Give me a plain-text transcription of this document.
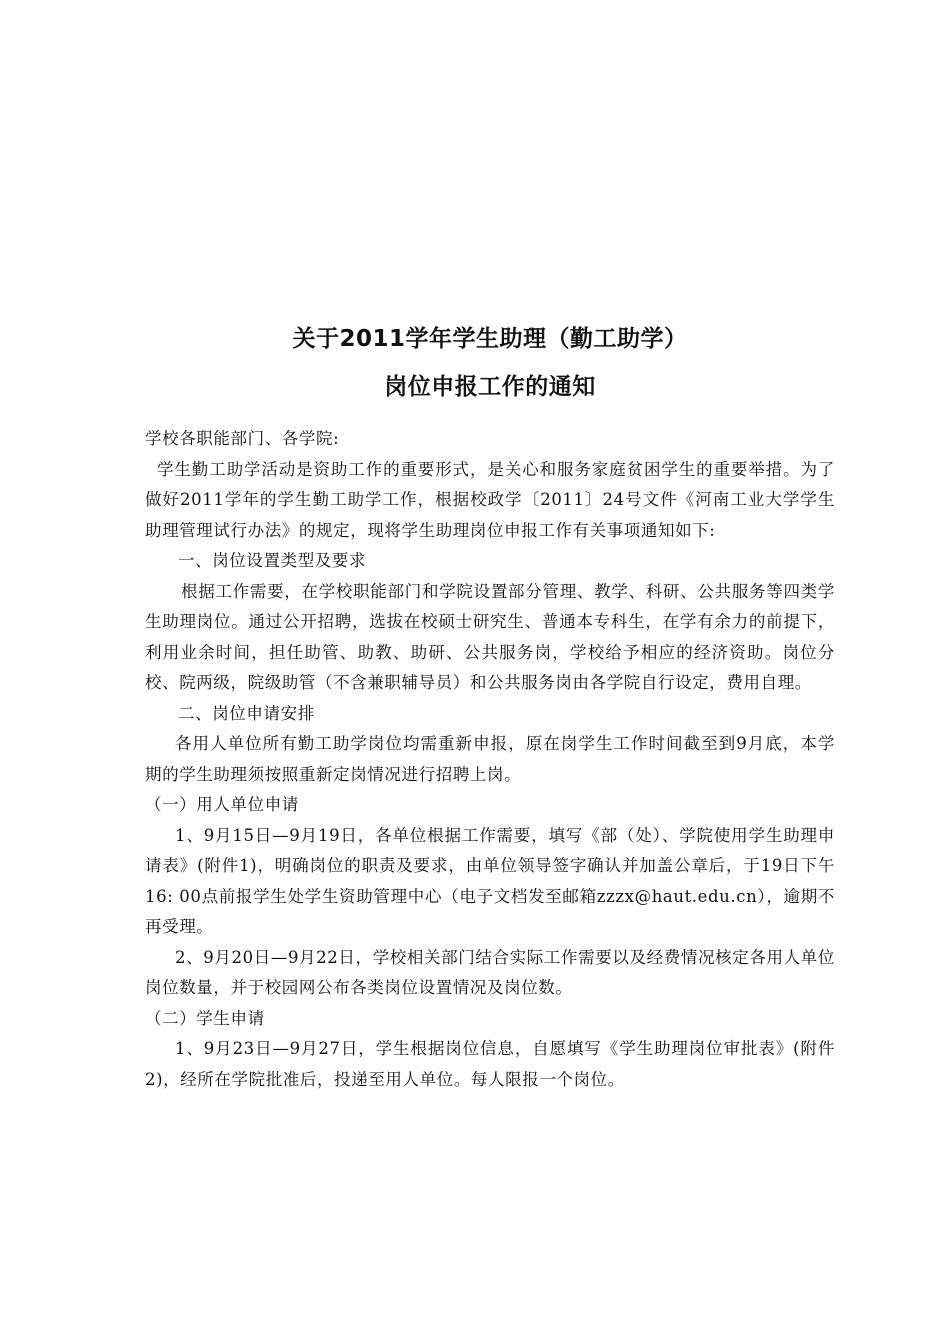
关于2011学年学生助理（勤工助学）
岗位申报工作的通知

学校各职能部门、各学院:

学生勤工助学活动是资助工作的重要形式，是关心和服务家庭贫困学生的重要举措。为了做好2011学年的学生勤工助学工作，根据校政学〔2011〕24号文件《河南工业大学学生助理管理试行办法》的规定，现将学生助理岗位申报工作有关事项通知如下:

一、岗位设置类型及要求

根据工作需要，在学校职能部门和学院设置部分管理、教学、科研、公共服务等四类学生助理岗位。通过公开招聘，选拔在校硕士研究生、普通本专科生，在学有余力的前提下，利用业余时间，担任助管、助教、助研、公共服务岗，学校给予相应的经济资助。岗位分校、院两级，院级助管（不含兼职辅导员）和公共服务岗由各学院自行设定，费用自理。

二、岗位申请安排

各用人单位所有勤工助学岗位均需重新申报，原在岗学生工作时间截至到9月底，本学期的学生助理须按照重新定岗情况进行招聘上岗。

（一）用人单位申请

1、9月15日—9月19日，各单位根据工作需要，填写《部（处）、学院使用学生助理申请表》(附件1)，明确岗位的职责及要求，由单位领导签字确认并加盖公章后，于19日下午16: 00点前报学生处学生资助管理中心（电子文档发至邮箱zzzx@haut.edu.cn），逾期不再受理。

2、9月20日—9月22日，学校相关部门结合实际工作需要以及经费情况核定各用人单位岗位数量，并于校园网公布各类岗位设置情况及岗位数。

（二）学生申请

1、9月23日—9月27日，学生根据岗位信息，自愿填写《学生助理岗位审批表》(附件2)，经所在学院批准后，投递至用人单位。每人限报一个岗位。
